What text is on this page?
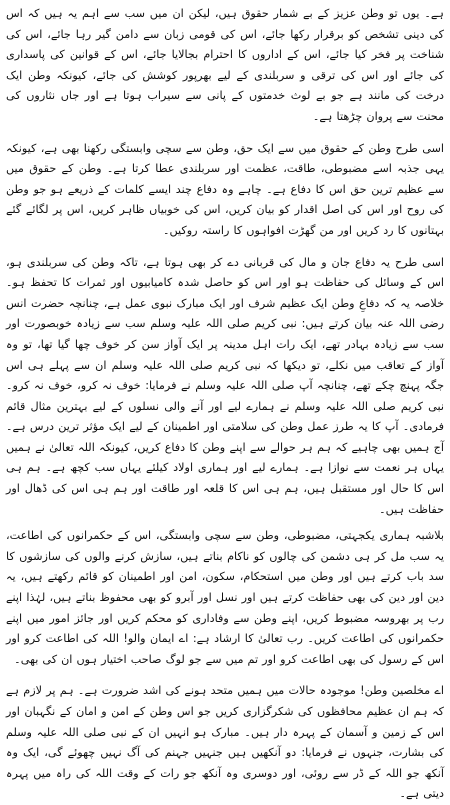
ہے۔ یوں تو وطن عزیز کے بے شمار حقوق ہیں، لیکن ان میں سب سے اہم یہ ہیں کہ اس کی دینی تشخص کو برقرار رکھا جائے، اس کی قومی زبان سے دامن گیر رہا جائے، اس کی شناخت پر فخر کیا جائے، اس کے اداروں کا احترام بجالایا جائے، اس کے قوانین کی پاسداری کی جائے اور اس کی ترقی و سربلندی کے لیے بھرپور کوشش کی جائے، کیونکہ وطن ایک درخت کی مانند ہے جو بے لوث خدمتوں کے پانی سے سیراب ہوتا ہے اور جاں نثاروں کی محنت سے پروان چڑھتا ہے۔

اسی طرح وطن کے حقوق میں سے ایک حق، وطن سے سچی وابستگی رکھنا بھی ہے، کیونکہ یہی جذبہ اسے مضبوطی، طاقت، عظمت اور سربلندی عطا کرتا ہے۔ وطن کے حقوق میں سے عظیم ترین حق اس کا دفاع ہے۔ چاہے وہ دفاع چند ایسے کلمات کے ذریعے ہو جو وطن کی روح اور اس کی اصل اقدار کو بیان کریں، اس کی خوبیاں ظاہر کریں، اس پر لگائے گئے بہتانوں کا رد کریں اور من گھڑت افواہوں کا راستہ روکیں۔

اسی طرح یہ دفاع جان و مال کی قربانی دے کر بھی ہوتا ہے، تاکہ وطن کی سربلندی ہو، اس کے وسائل کی حفاظت ہو اور اس کو حاصل شدہ کامیابیوں اور ثمرات کا تحفظ ہو۔ خلاصہ یہ کہ دفاعِ وطن ایک عظیم شرف اور ایک مبارک نبوی عمل ہے، چنانچہ حضرت انس رضی اللہ عنہ بیان کرتے ہیں: نبی کریم صلی اللہ علیہ وسلم سب سے زیادہ خوبصورت اور سب سے زیادہ بہادر تھے، ایک رات اہل مدینہ پر ایک آواز سن کر خوف چھا گیا تھا، تو وہ آواز کے تعاقب میں نکلے، تو دیکھا کہ نبی کریم صلی اللہ علیہ وسلم ان سے پہلے ہی اس جگہ پہنچ چکے تھے، چنانچہ آپ صلی اللہ علیہ وسلم نے فرمایا: خوف نہ کرو، خوف نہ کرو۔ نبی کریم صلی اللہ علیہ وسلم نے ہمارے لیے اور آنے والی نسلوں کے لیے بہترین مثال قائم فرمادی۔ آپ کا یہ طرز عمل وطن کی سلامتی اور اطمینان کے لیے ایک مؤثر ترین درس ہے۔ آج ہمیں بھی چاہیے کہ ہم ہر حوالے سے اپنے وطن کا دفاع کریں، کیونکہ اللہ تعالیٰ نے ہمیں یہاں ہر نعمت سے نوازا ہے۔ ہمارے لیے اور ہماری اولاد کیلئے یہاں سب کچھ ہے۔ ہم ہی اس کا حال اور مستقبل ہیں، ہم ہی اس کا قلعہ اور طاقت اور ہم ہی اس کی ڈھال اور حفاظت ہیں۔

بلاشبہ ہماری یکجہتی، مضبوطی، وطن سے سچی وابستگی، اس کے حکمرانوں کی اطاعت، یہ سب مل کر ہی دشمن کی چالوں کو ناکام بناتے ہیں، سازش کرنے والوں کی سازشوں کا سد باب کرتے ہیں اور وطن میں استحکام، سکون، امن اور اطمینان کو قائم رکھتے ہیں، یہ دین اور دین کی بھی حفاظت کرتے ہیں اور نسل اور آبرو کو بھی محفوظ بناتے ہیں، لہٰذا اپنے رب پر بھروسہ مضبوط کریں، اپنے وطن سے وفاداری کو محکم کریں اور جائز امور میں اپنے حکمرانوں کی اطاعت کریں۔ رب تعالیٰ کا ارشاد ہے: اے ایمان والو! اللہ کی اطاعت کرو اور اس کے رسول کی بھی اطاعت کرو اور تم میں سے جو لوگ صاحب اختیار ہوں ان کی بھی۔

اے مخلصین وطن! موجودہ حالات میں ہمیں متحد ہونے کی اشد ضرورت ہے۔ ہم پر لازم ہے کہ ہم ان عظیم محافظوں کی شکرگزاری کریں جو اس وطن کے امن و امان کے نگہبان اور اس کے زمین و آسمان کے پہرہ دار ہیں۔ مبارک ہو انہیں ان کے نبی صلی اللہ علیہ وسلم کی بشارت، جنہوں نے فرمایا: دو آنکھیں ہیں جنہیں جہنم کی آگ نہیں چھوئے گی، ایک وہ آنکھ جو اللہ کے ڈر سے روئی، اور دوسری وہ آنکھ جو رات کے وقت اللہ کی راہ میں پہرہ دیتی ہے۔
